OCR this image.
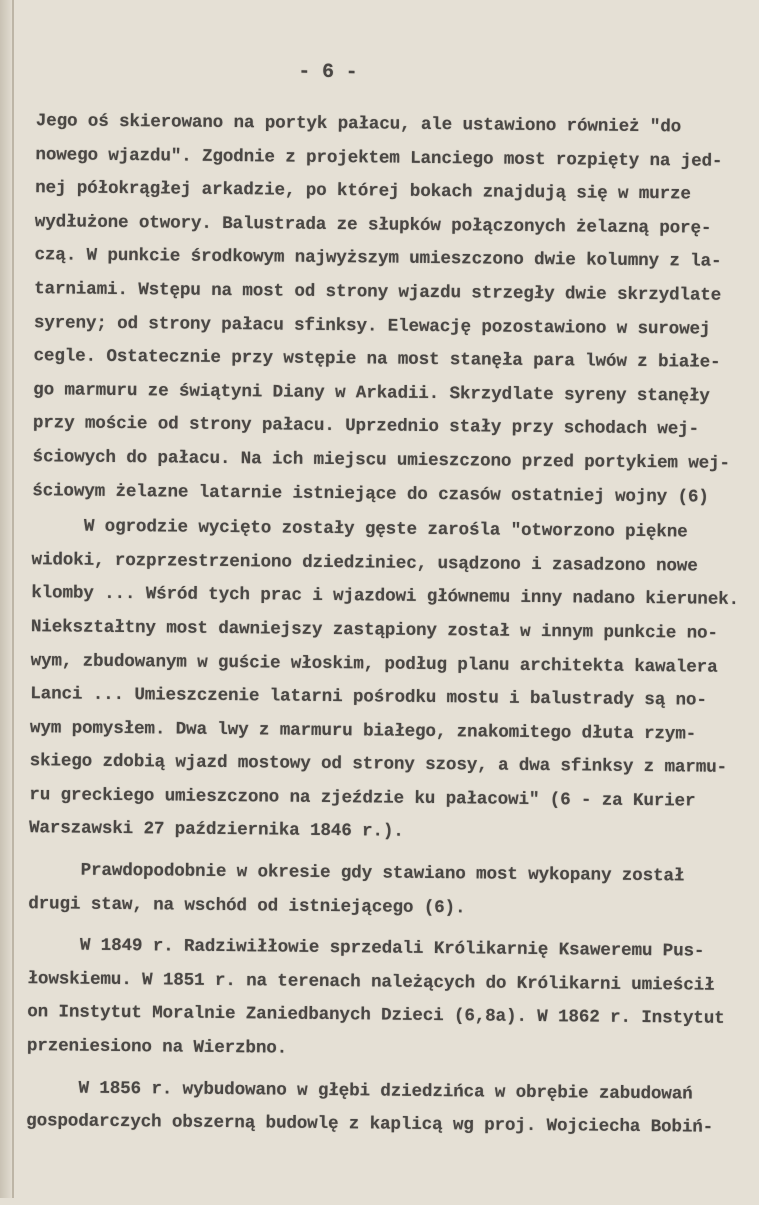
- 6 -
Jego oś skierowano na portyk pałacu, ale ustawiono również "do
nowego wjazdu". Zgodnie z projektem Lanciego most rozpięty na jed-
nej półokrągłej arkadzie, po której bokach znajdują się w murze
wydłużone otwory. Balustrada ze słupków połączonych żelazną porę-
czą. W punkcie środkowym najwyższym umieszczono dwie kolumny z la-
tarniami. Wstępu na most od strony wjazdu strzegły dwie skrzydlate
syreny; od strony pałacu sfinksy. Elewację pozostawiono w surowej
cegle. Ostatecznie przy wstępie na most stanęła para lwów z białe-
go marmuru ze świątyni Diany w Arkadii. Skrzydlate syreny stanęły
przy moście od strony pałacu. Uprzednio stały przy schodach wej-
ściowych do pałacu. Na ich miejscu umieszczono przed portykiem wej-
ściowym żelazne latarnie istniejące do czasów ostatniej wojny (6)
W ogrodzie wycięto zostały gęste zarośla "otworzono piękne
widoki, rozprzestrzeniono dziedziniec, usądzono i zasadzono nowe
klomby ... Wśród tych prac i wjazdowi głównemu inny nadano kierunek.
Niekształtny most dawniejszy zastąpiony został w innym punkcie no-
wym, zbudowanym w guście włoskim, podług planu architekta kawalera
Lanci ... Umieszczenie latarni pośrodku mostu i balustrady są no-
wym pomysłem. Dwa lwy z marmuru białego, znakomitego dłuta rzym-
skiego zdobią wjazd mostowy od strony szosy, a dwa sfinksy z marmu-
ru greckiego umieszczono na zjeździe ku pałacowi" (6 - za Kurier
Warszawski 27 października 1846 r.).
Prawdopodobnie w okresie gdy stawiano most wykopany został
drugi staw, na wschód od istniejącego (6).
W 1849 r. Radziwiłłowie sprzedali Królikarnię Ksaweremu Pus-
łowskiemu. W 1851 r. na terenach należących do Królikarni umieścił
on Instytut Moralnie Zaniedbanych Dzieci (6,8a). W 1862 r. Instytut
przeniesiono na Wierzbno.
W 1856 r. wybudowano w głębi dziedzińca w obrębie zabudowań
gospodarczych obszerną budowlę z kaplicą wg proj. Wojciecha Bobiń-
